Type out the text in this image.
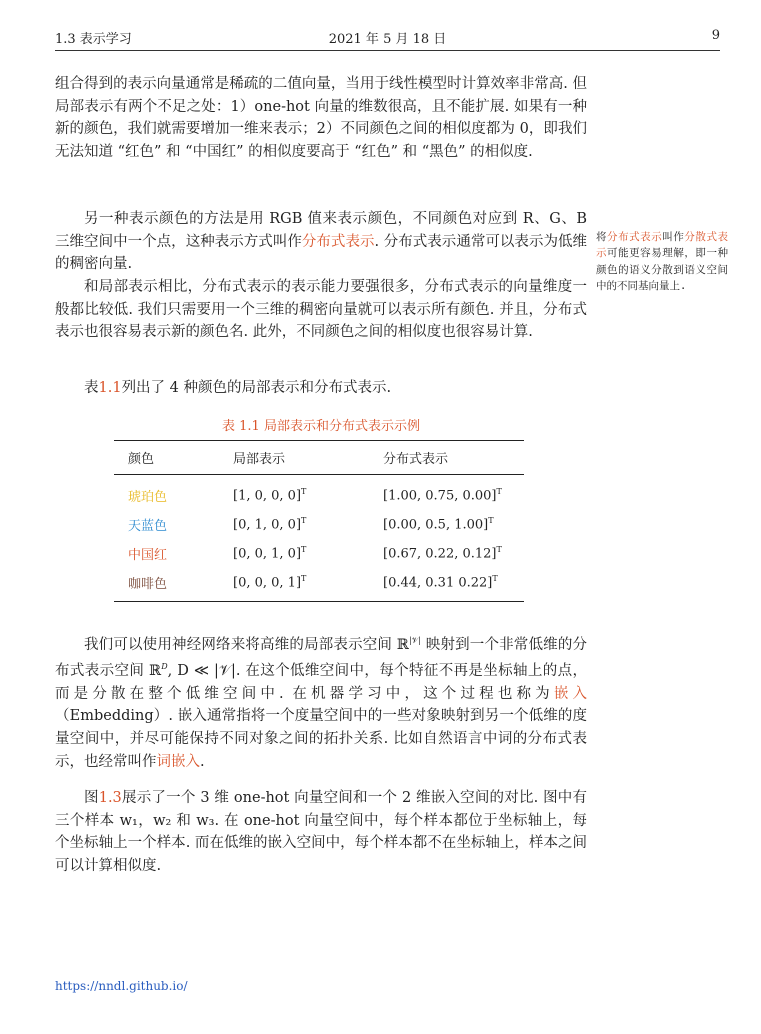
1.3 表示学习	2021 年 5 月 18 日	9

组合得到的表示向量通常是稀疏的二值向量，当用于线性模型时计算效率非常高. 但局部表示有两个不足之处：1）one-hot 向量的维数很高，且不能扩展. 如果有一种新的颜色，我们就需要增加一维来表示；2）不同颜色之间的相似度都为 0，即我们无法知道 “红色” 和 “中国红” 的相似度要高于 “红色” 和 “黑色” 的相似度.

另一种表示颜色的方法是用 RGB 值来表示颜色，不同颜色对应到 R、G、B 三维空间中一个点，这种表示方式叫作分布式表示. 分布式表示通常可以表示为低维的稠密向量.

将分布式表示叫作分散式表示可能更容易理解，即一种颜色的语义分散到语义空间中的不同基向量上.

和局部表示相比，分布式表示的表示能力要强很多，分布式表示的向量维度一般都比较低. 我们只需要用一个三维的稠密向量就可以表示所有颜色. 并且，分布式表示也很容易表示新的颜色名. 此外，不同颜色之间的相似度也很容易计算.

表1.1列出了 4 种颜色的局部表示和分布式表示.

表 1.1 局部表示和分布式表示示例
颜色	局部表示	分布式表示
琥珀色	[1, 0, 0, 0]$^T$	[1.00, 0.75, 0.00]$^T$
天蓝色	[0, 1, 0, 0]$^T$	[0.00, 0.5, 1.00]$^T$
中国红	[0, 0, 1, 0]$^T$	[0.67, 0.22, 0.12]$^T$
咖啡色	[0, 0, 0, 1]$^T$	[0.44, 0.31 0.22]$^T$

我们可以使用神经网络来将高维的局部表示空间 ℝ$^{|𝒱|}$ 映射到一个非常低维的分布式表示空间 ℝ$^D$, D ≪ |𝒱|. 在这个低维空间中，每个特征不再是坐标轴上的点，而是分散在整个低维空间中. 在机器学习中，这个过程也称为嵌入（Embedding）. 嵌入通常指将一个度量空间中的一些对象映射到另一个低维的度量空间中，并尽可能保持不同对象之间的拓扑关系. 比如自然语言中词的分布式表示，也经常叫作词嵌入.

图1.3展示了一个 3 维 one-hot 向量空间和一个 2 维嵌入空间的对比. 图中有三个样本 w₁，w₂ 和 w₃. 在 one-hot 向量空间中，每个样本都位于坐标轴上，每个坐标轴上一个样本. 而在低维的嵌入空间中，每个样本都不在坐标轴上，样本之间可以计算相似度.

https://nndl.github.io/
